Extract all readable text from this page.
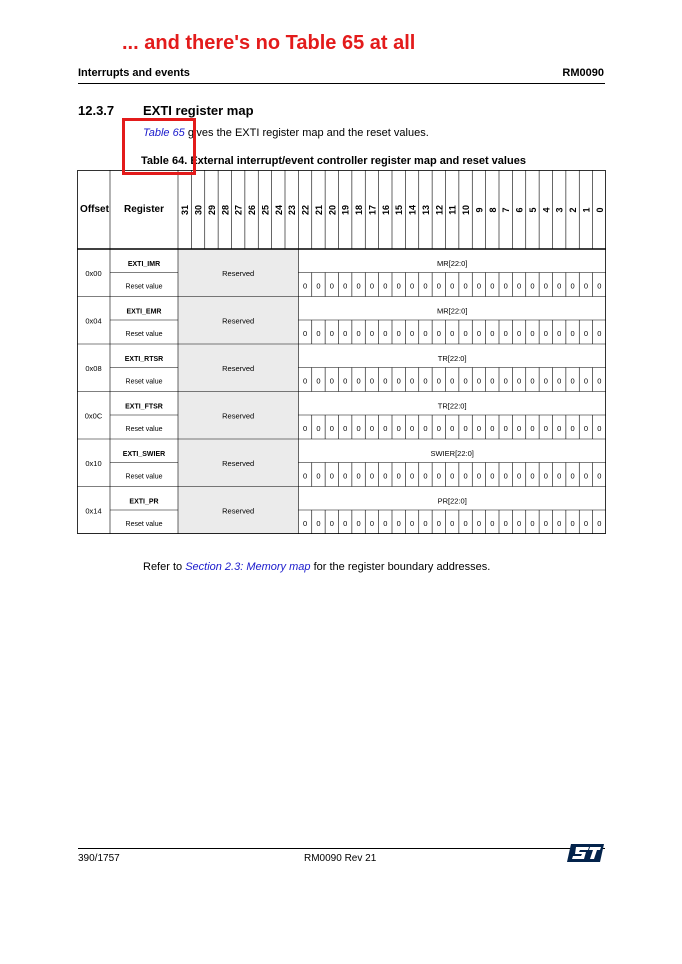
... and there's no Table 65 at all
Interrupts and events	RM0090
12.3.7 EXTI register map
Table 65 gives the EXTI register map and the reset values.
Table 64. External interrupt/event controller register map and reset values
Offset Register 31 30 29 28 27 26 25 24 23 22 21 20 19 18 17 16 15 14 13 12 11 10 9 8 7 6 5 4 3 2 1 0
0x00
EXTI_IMR
Reset value
Reserved
MR[22:0]
0 0 0 0 0 0 0 0 0 0 0 0 0 0 0 0 0 0 0 0 0 0 0
0x04
EXTI_EMR
Reset value
Reserved
MR[22:0]
0 0 0 0 0 0 0 0 0 0 0 0 0 0 0 0 0 0 0 0 0 0 0
0x08
EXTI_RTSR
Reset value
Reserved
TR[22:0]
0 0 0 0 0 0 0 0 0 0 0 0 0 0 0 0 0 0 0 0 0 0 0
0x0C
EXTI_FTSR
Reset value
Reserved
TR[22:0]
0 0 0 0 0 0 0 0 0 0 0 0 0 0 0 0 0 0 0 0 0 0 0
0x10
EXTI_SWIER
Reset value
Reserved
SWIER[22:0]
0 0 0 0 0 0 0 0 0 0 0 0 0 0 0 0 0 0 0 0 0 0 0
0x14
EXTI_PR
Reset value
Reserved
PR[22:0]
0 0 0 0 0 0 0 0 0 0 0 0 0 0 0 0 0 0 0 0 0 0 0
Refer to Section 2.3: Memory map for the register boundary addresses.
390/1757	RM0090 Rev 21
